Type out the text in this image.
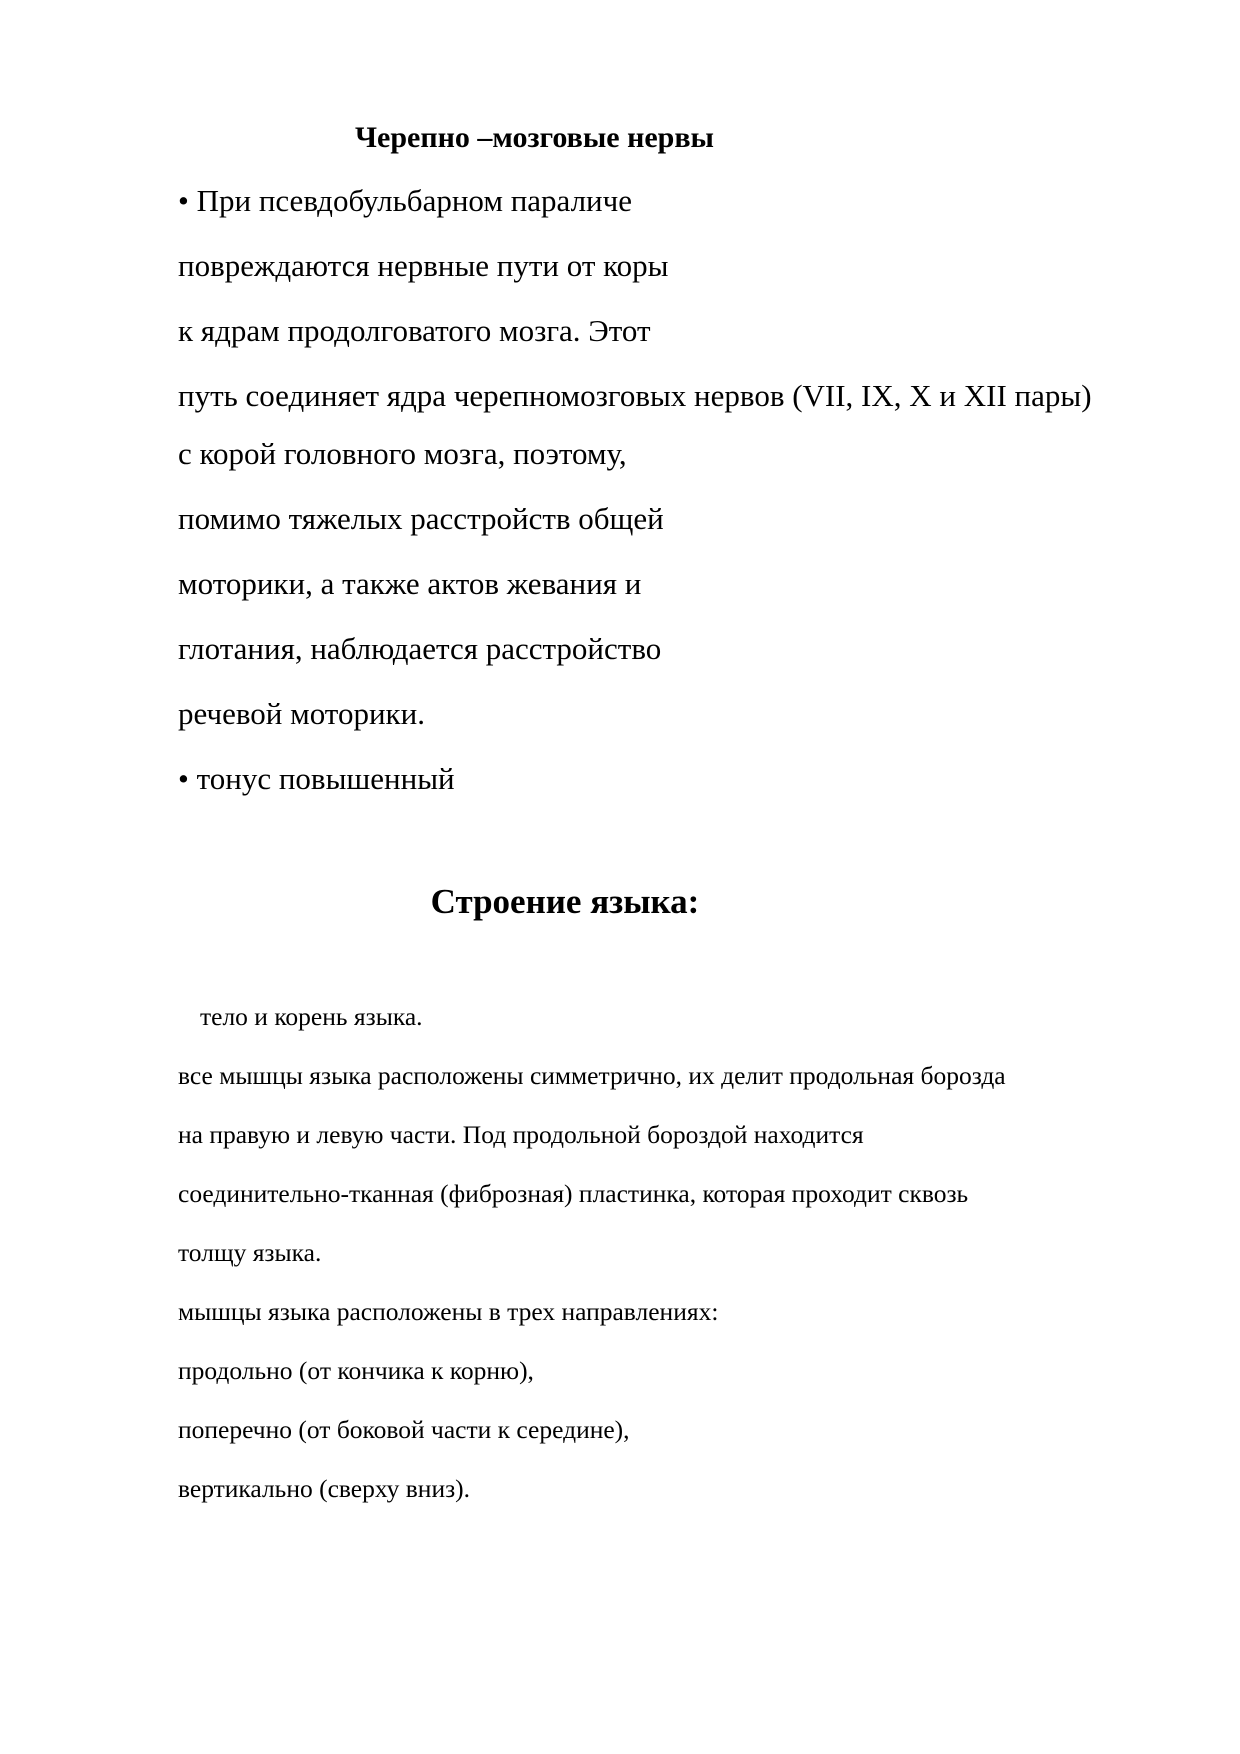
Черепно –мозговые нервы

• При псевдобульбарном параличе

повреждаются нервные пути от коры

к ядрам продолговатого мозга. Этот

путь соединяет ядра черепномозговых нервов (VII, IX, X и XII пары)

с корой головного мозга, поэтому,

помимо тяжелых расстройств общей

моторики, а также актов жевания и

глотания, наблюдается расстройство

речевой моторики.

• тонус повышенный

Строение языка:

тело и корень языка.

все мышцы языка расположены симметрично, их делит продольная борозда

на правую и левую части. Под продольной бороздой находится

соединительно-тканная (фиброзная) пластинка, которая проходит сквозь

толщу языка.

мышцы языка расположены в трех направлениях:

продольно (от кончика к корню),

поперечно (от боковой части к середине),

вертикально (сверху вниз).
